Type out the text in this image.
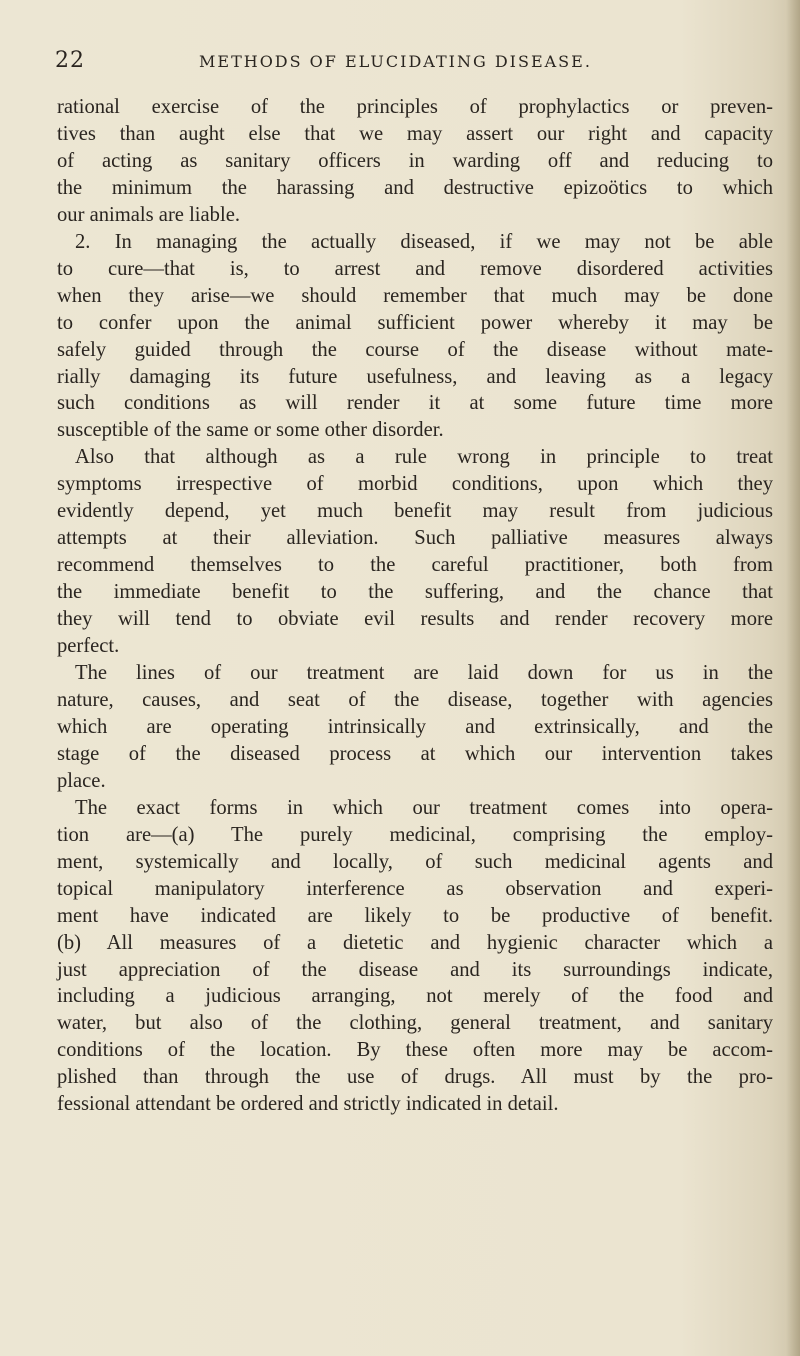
22	METHODS OF ELUCIDATING DISEASE.
rational exercise of the principles of prophylactics or preven-
tives than aught else that we may assert our right and capacity
of acting as sanitary officers in warding off and reducing to
the minimum the harassing and destructive epizoötics to which
our animals are liable.
2. In managing the actually diseased, if we may not be able
to cure—that is, to arrest and remove disordered activities
when they arise—we should remember that much may be done
to confer upon the animal sufficient power whereby it may be
safely guided through the course of the disease without mate-
rially damaging its future usefulness, and leaving as a legacy
such conditions as will render it at some future time more
susceptible of the same or some other disorder.
Also that although as a rule wrong in principle to treat
symptoms irrespective of morbid conditions, upon which they
evidently depend, yet much benefit may result from judicious
attempts at their alleviation. Such palliative measures always
recommend themselves to the careful practitioner, both from
the immediate benefit to the suffering, and the chance that
they will tend to obviate evil results and render recovery more
perfect.
The lines of our treatment are laid down for us in the
nature, causes, and seat of the disease, together with agencies
which are operating intrinsically and extrinsically, and the
stage of the diseased process at which our intervention takes
place.
The exact forms in which our treatment comes into opera-
tion are—(a) The purely medicinal, comprising the employ-
ment, systemically and locally, of such medicinal agents and
topical manipulatory interference as observation and experi-
ment have indicated are likely to be productive of benefit.
(b) All measures of a dietetic and hygienic character which a
just appreciation of the disease and its surroundings indicate,
including a judicious arranging, not merely of the food and
water, but also of the clothing, general treatment, and sanitary
conditions of the location. By these often more may be accom-
plished than through the use of drugs. All must by the pro-
fessional attendant be ordered and strictly indicated in detail.
